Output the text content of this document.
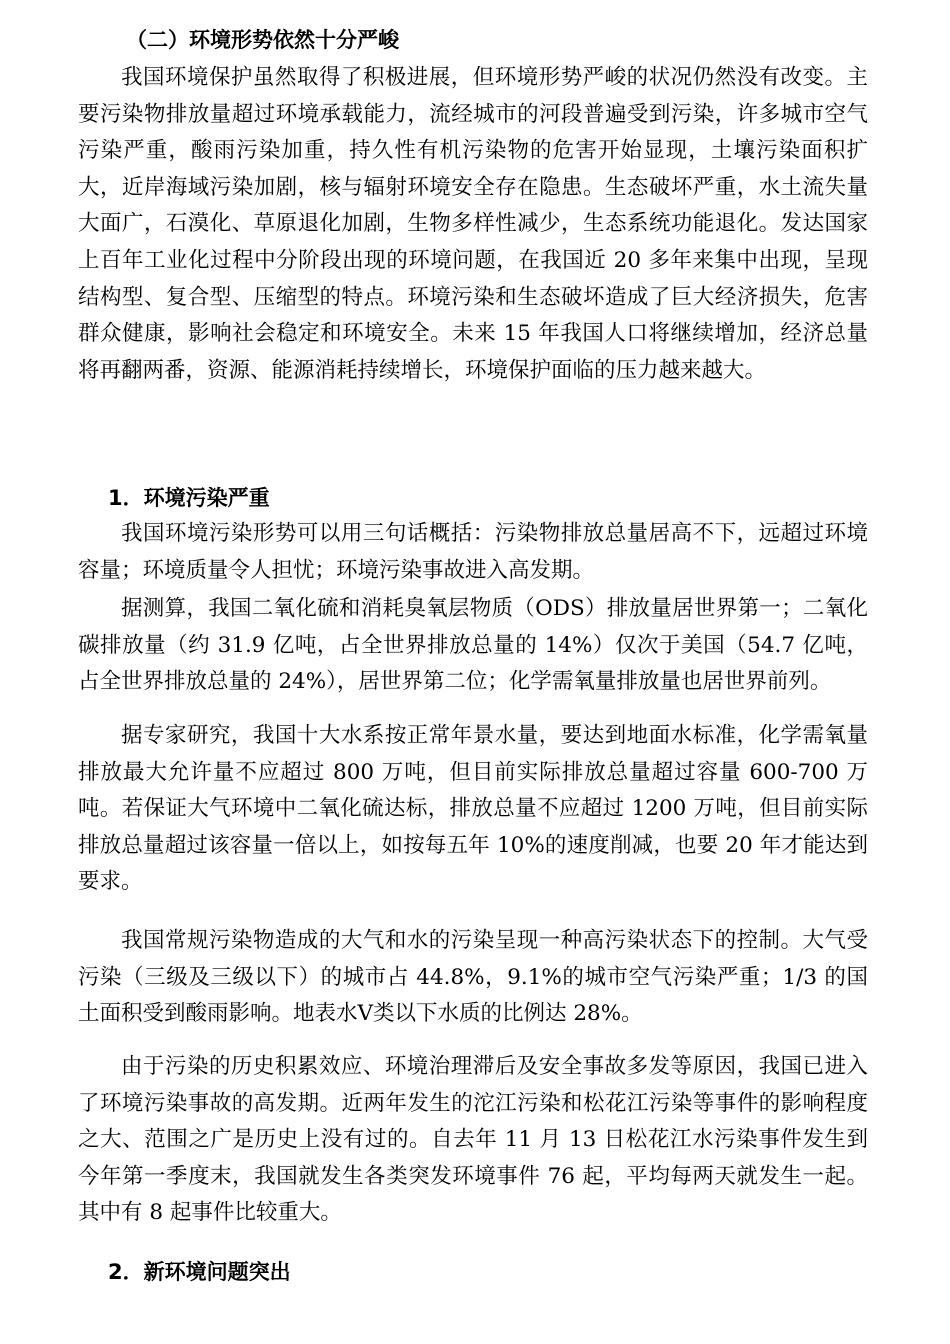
（二）环境形势依然十分严峻

我国环境保护虽然取得了积极进展，但环境形势严峻的状况仍然没有改变。主要污染物排放量超过环境承载能力，流经城市的河段普遍受到污染，许多城市空气污染严重，酸雨污染加重，持久性有机污染物的危害开始显现，土壤污染面积扩大，近岸海域污染加剧，核与辐射环境安全存在隐患。生态破坏严重，水土流失量大面广，石漠化、草原退化加剧，生物多样性减少，生态系统功能退化。发达国家上百年工业化过程中分阶段出现的环境问题，在我国近 20 多年来集中出现，呈现结构型、复合型、压缩型的特点。环境污染和生态破坏造成了巨大经济损失，危害群众健康，影响社会稳定和环境安全。未来 15 年我国人口将继续增加，经济总量将再翻两番，资源、能源消耗持续增长，环境保护面临的压力越来越大。

1．环境污染严重

我国环境污染形势可以用三句话概括：污染物排放总量居高不下，远超过环境容量；环境质量令人担忧；环境污染事故进入高发期。

据测算，我国二氧化硫和消耗臭氧层物质（ODS）排放量居世界第一；二氧化碳排放量（约 31.9 亿吨，占全世界排放总量的 14%）仅次于美国（54.7 亿吨，占全世界排放总量的 24%），居世界第二位；化学需氧量排放量也居世界前列。

据专家研究，我国十大水系按正常年景水量，要达到地面水标准，化学需氧量排放最大允许量不应超过 800 万吨，但目前实际排放总量超过容量 600-700 万吨。若保证大气环境中二氧化硫达标，排放总量不应超过 1200 万吨，但目前实际排放总量超过该容量一倍以上，如按每五年 10%的速度削减，也要 20 年才能达到要求。

我国常规污染物造成的大气和水的污染呈现一种高污染状态下的控制。大气受污染（三级及三级以下）的城市占 44.8%，9.1%的城市空气污染严重；1/3 的国土面积受到酸雨影响。地表水Ⅴ类以下水质的比例达 28%。

由于污染的历史积累效应、环境治理滞后及安全事故多发等原因，我国已进入了环境污染事故的高发期。近两年发生的沱江污染和松花江污染等事件的影响程度之大、范围之广是历史上没有过的。自去年 11 月 13 日松花江水污染事件发生到今年第一季度末，我国就发生各类突发环境事件 76 起，平均每两天就发生一起。其中有 8 起事件比较重大。

2．新环境问题突出
